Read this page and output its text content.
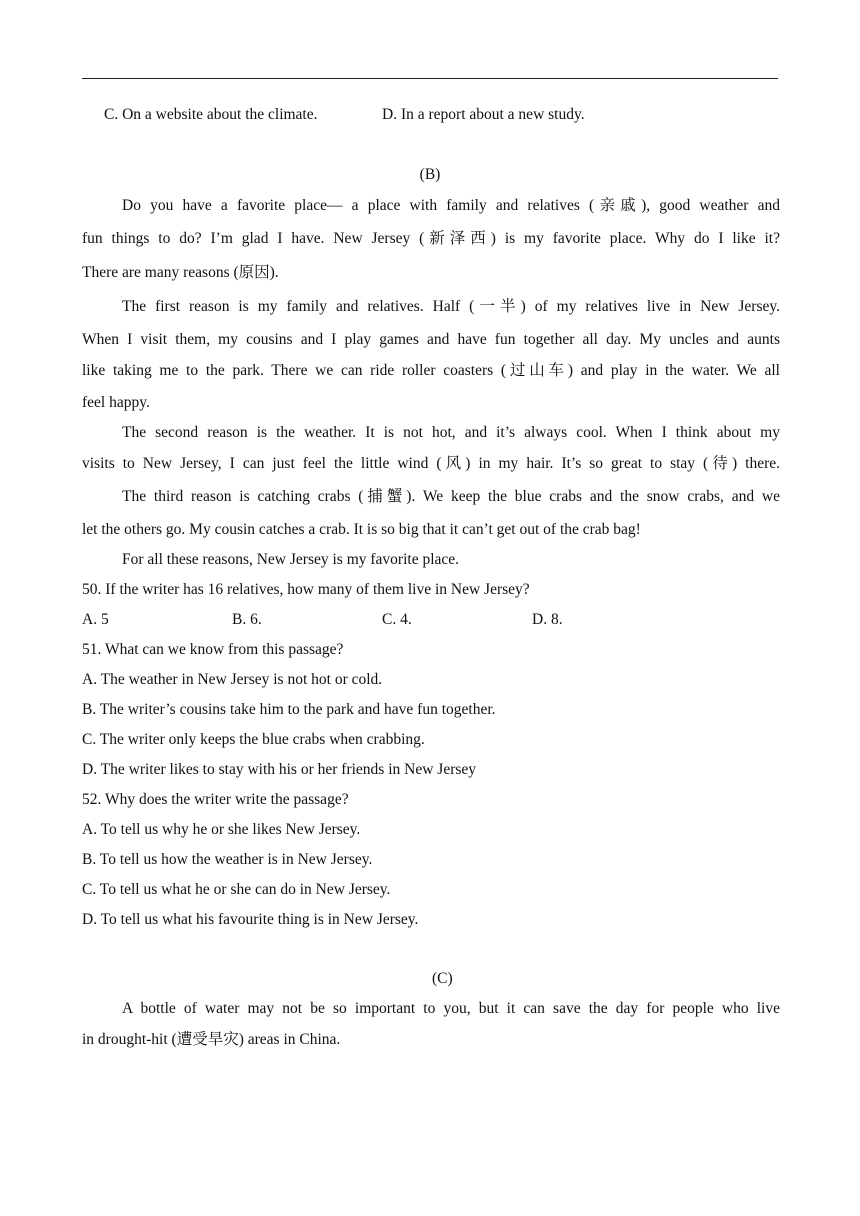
C. On a website about the climate.	D. In a report about a new study.
(B)
Do you have a favorite place— a place with family and relatives (亲戚), good weather and
fun things to do? I’m glad I have. New Jersey (新泽西) is my favorite place. Why do I like it?
There are many reasons (原因).
The first reason is my family and relatives. Half (一半) of my relatives live in New Jersey.
When I visit them, my cousins and I play games and have fun together all day. My uncles and aunts
like taking me to the park. There we can ride roller coasters (过山车) and play in the water. We all
feel happy.
The second reason is the weather. It is not hot, and it’s always cool. When I think about my
visits to New Jersey, I can just feel the little wind (风) in my hair. It’s so great to stay (待) there.
The third reason is catching crabs (捕蟹). We keep the blue crabs and the snow crabs, and we
let the others go. My cousin catches a crab. It is so big that it can’t get out of the crab bag!
For all these reasons, New Jersey is my favorite place.
50. If the writer has 16 relatives, how many of them live in New Jersey?
A. 5	B. 6.	C. 4.	D. 8.
51. What can we know from this passage?
A. The weather in New Jersey is not hot or cold.
B. The writer’s cousins take him to the park and have fun together.
C. The writer only keeps the blue crabs when crabbing.
D. The writer likes to stay with his or her friends in New Jersey
52. Why does the writer write the passage?
A. To tell us why he or she likes New Jersey.
B. To tell us how the weather is in New Jersey.
C. To tell us what he or she can do in New Jersey.
D. To tell us what his favourite thing is in New Jersey.
(C)
A bottle of water may not be so important to you, but it can save the day for people who live
in drought-hit (遭受旱灾) areas in China.
